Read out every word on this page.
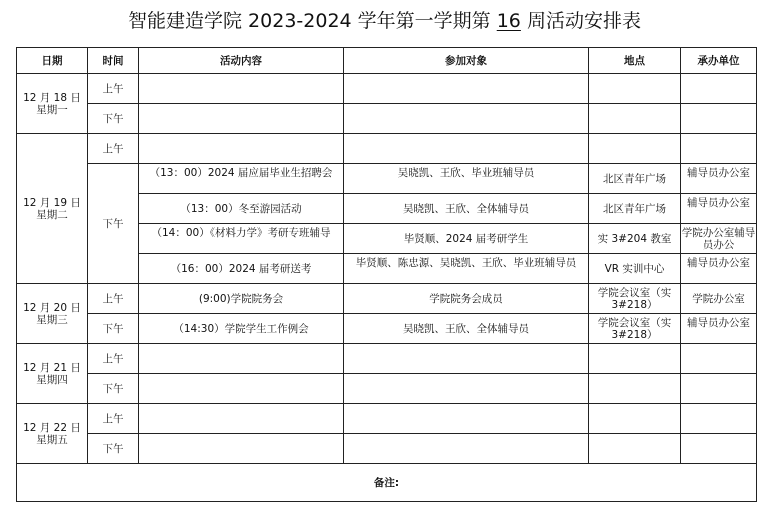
智能建造学院 2023-2024 学年第一学期第 16 周活动安排表
日期	时间	活动内容	参加对象	地点	承办单位

12 月 18 日
星期一	上午				
	下午				

12 月 19 日
星期二	上午				
	下午	（13：00）2024 届应届毕业生招聘会	吴晓凯、王欣、毕业班辅导员	北区青年广场	辅导员办公室

		（13：00）冬至游园活动	吴晓凯、王欣、全体辅导员	北区青年广场	辅导员办公室

		（14：00）《材料力学》考研专班辅导	毕贤顺、2024 届考研学生	实 3#204 教室	学院办公室辅导员办公

		（16：00）2024 届考研送考	毕贤顺、陈忠源、吴晓凯、王欣、毕业班辅导员	VR 实训中心	辅导员办公室

12 月 20 日
星期三	上午	(9:00)学院院务会	学院院务会成员	学院会议室（实 3#218）	学院办公室

	下午	（14:30）学院学生工作例会	吴晓凯、王欣、全体辅导员	学院会议室（实 3#218）	辅导员办公室

12 月 21 日
星期四	上午				
	下午				

12 月 22 日
星期五	上午				
	下午				
备注:					
